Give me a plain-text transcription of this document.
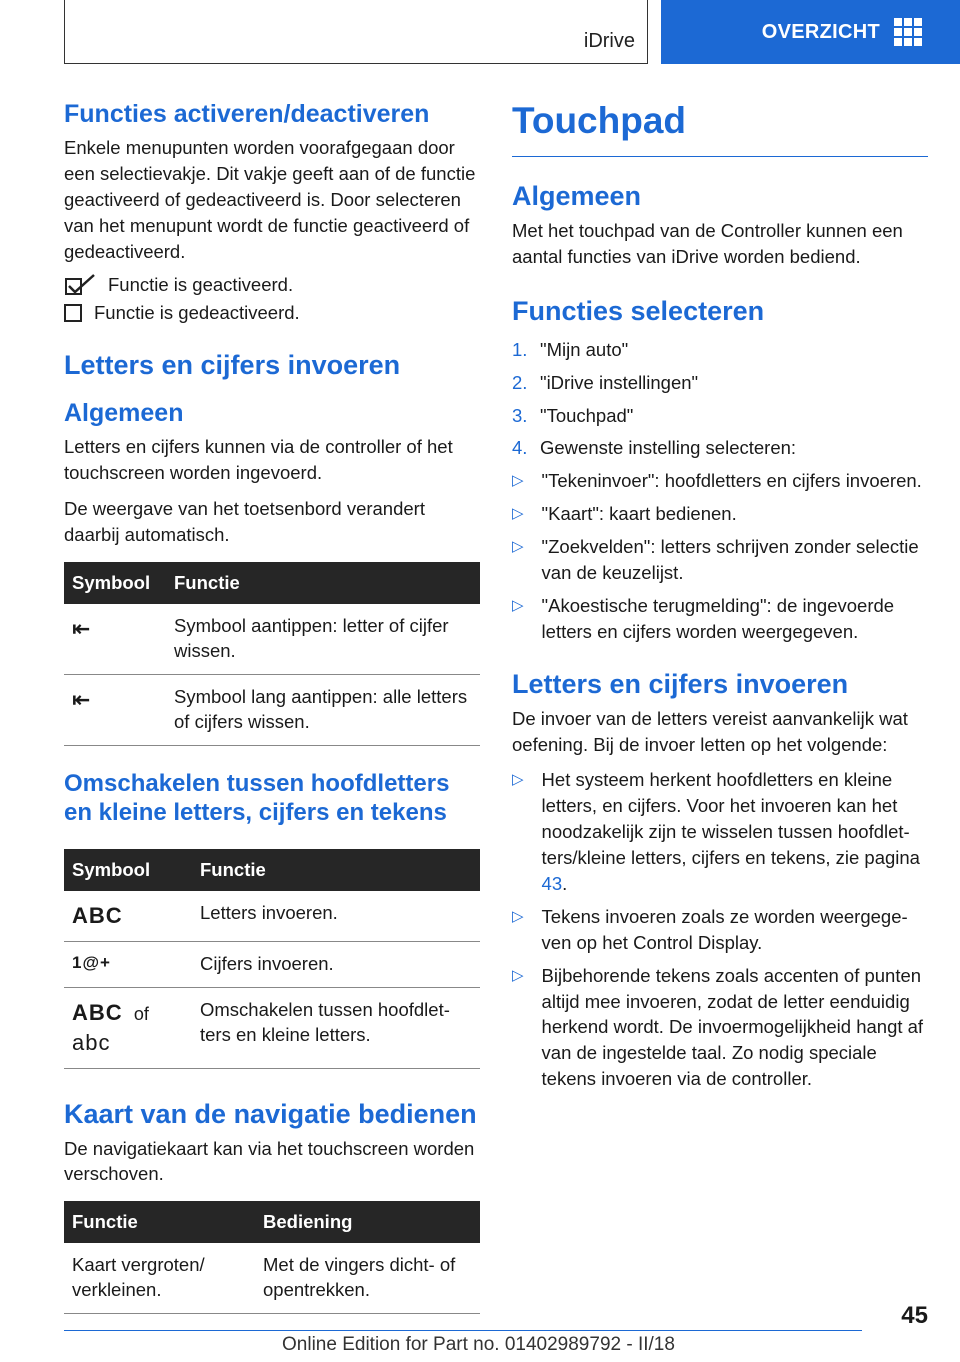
iDrive	OVERZICHT
Functies activeren/deactiveren

Enkele menupunten worden voorafgegaan door een selectievakje. Dit vakje geeft aan of de functie geactiveerd of gedeactiveerd is. Door selecteren van het menupunt wordt de functie geactiveerd of gedeactiveerd.

Functie is geactiveerd.
Functie is gedeactiveerd.
Letters en cijfers invoeren
Algemeen

Letters en cijfers kunnen via de controller of het touchscreen worden ingevoerd.

De weergave van het toetsenbord verandert daarbij automatisch.

Symbool	Functie
⇤	Symbool aantippen: letter of cijfer wissen.
⇤	Symbool lang aantippen: alle letters of cijfers wissen.
Omschakelen tussen hoofdletters en kleine letters, cijfers en tekens
Symbool	Functie
ABC	Letters invoeren.
1@+	Cijfers invoeren.
ABC of
abc	Omschakelen tussen hoofdletters en kleine letters.
Kaart van de navigatie bedienen

De navigatiekaart kan via het touchscreen worden verschoven.

Functie	Bediening
Kaart vergroten/ verkleinen.	Met de vingers dicht- of opentrekken.
Touchpad
Algemeen

Met het touchpad van de Controller kunnen een aantal functies van iDrive worden bediend.

Functies selecteren
1. "Mijn auto"
2. "iDrive instellingen"
3. "Touchpad"
4. Gewenste instelling selecteren:
▷ "Tekeninvoer": hoofdletters en cijfers invoeren.
▷ "Kaart": kaart bedienen.
▷ "Zoekvelden": letters schrijven zonder selectie van de keuzelijst.
▷ "Akoestische terugmelding": de ingevoerde letters en cijfers worden weergegeven.
Letters en cijfers invoeren

De invoer van de letters vereist aanvankelijk wat oefening. Bij de invoer letten op het volgende:

▷ Het systeem herkent hoofdletters en kleine letters, en cijfers. Voor het invoeren kan het noodzakelijk zijn te wisselen tussen hoofdletters/kleine letters, cijfers en tekens, zie pagina 43.
▷ Tekens invoeren zoals ze worden weergegeven op het Control Display.
▷ Bijbehorende tekens zoals accenten of punten altijd mee invoeren, zodat de letter eenduidig herkend wordt. De invoermogelijkheid hangt af van de ingestelde taal. Zo nodig speciale tekens invoeren via de controller.
45
Online Edition for Part no. 01402989792 - II/18
